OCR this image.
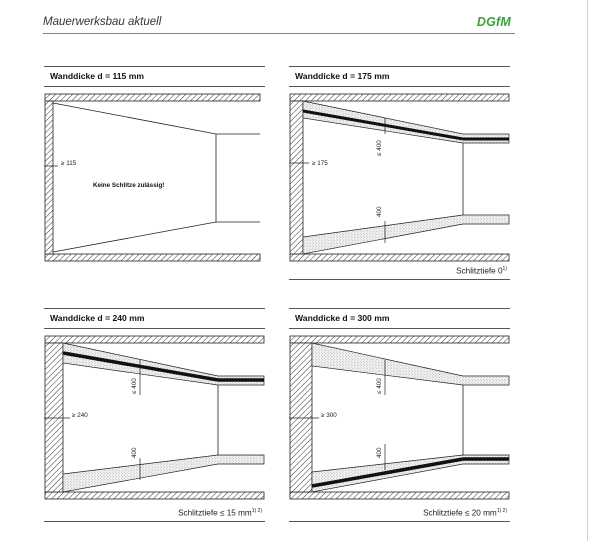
Mauerwerksbau aktuell	DGfM
Wanddicke d = 115 mm
≥ 115
Keine Schlitze zulässig!
Wanddicke d = 175 mm
≥ 175
≤ 400
400
Schlitztiefe 0$^{1)}$
Wanddicke d = 240 mm
≥ 240
≤ 400
400
Schlitztiefe ≤ 15 $mm^{1) 2)}$
Wanddicke d = 300 mm
≥ 300
≤ 400
400
Schlitztiefe ≤ 20 $mm^{1) 2)}$
